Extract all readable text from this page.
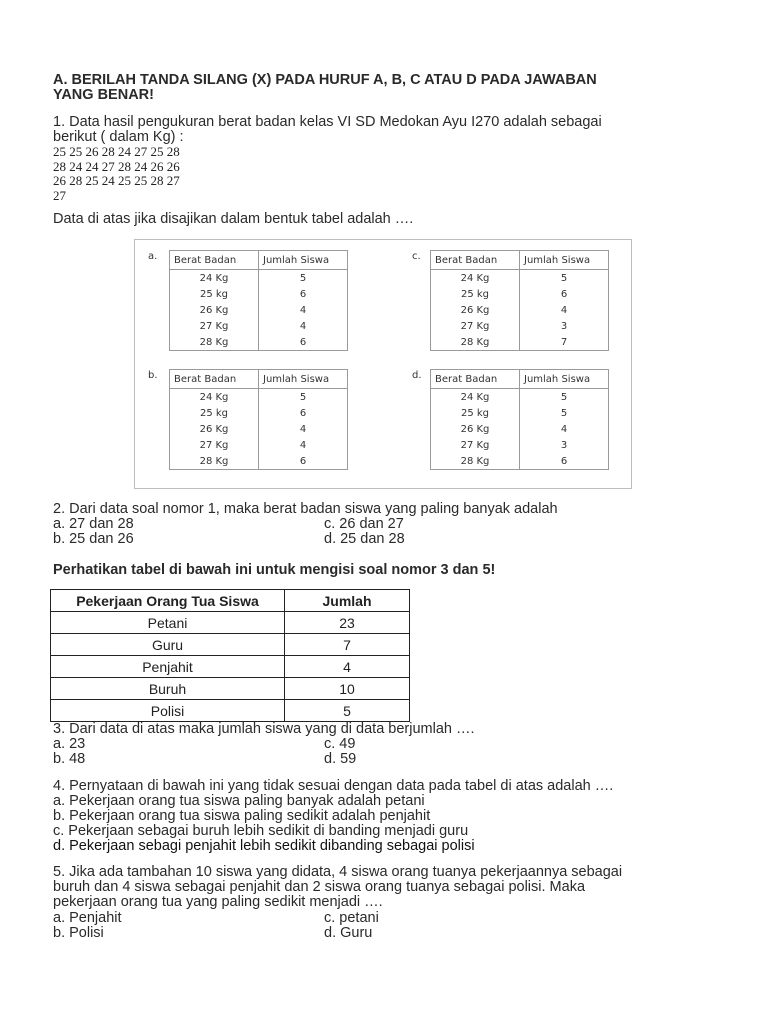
A. BERILAH TANDA SILANG (X) PADA HURUF A, B, C ATAU D PADA JAWABAN
YANG BENAR!
1. Data hasil pengukuran berat badan kelas VI SD Medokan Ayu I270 adalah sebagai
berikut ( dalam Kg) :
25 25 26 28 24 27 25 28
28 24 24 27 28 24 26 26
26 28 25 24 25 25 28 27
27
Data di atas jika disajikan dalam bentuk tabel adalah ….
a. Berat Badan	Jumlah Siswa
24 Kg	5
25 kg	6
26 Kg	4
27 Kg	4
28 Kg	6
c. Berat Badan	Jumlah Siswa
24 Kg	5
25 kg	6
26 Kg	4
27 Kg	3
28 Kg	7
b. Berat Badan	Jumlah Siswa
24 Kg	5
25 kg	6
26 Kg	4
27 Kg	4
28 Kg	6
d. Berat Badan	Jumlah Siswa
24 Kg	5
25 kg	5
26 Kg	4
27 Kg	3
28 Kg	6
2. Dari data soal nomor 1, maka berat badan siswa yang paling banyak adalah
a. 27 dan 28	c. 26 dan 27
b. 25 dan 26	d. 25 dan 28
Perhatikan tabel di bawah ini untuk mengisi soal nomor 3 dan 5!
Pekerjaan Orang Tua Siswa	Jumlah
Petani	23
Guru	7
Penjahit	4
Buruh	10
Polisi	5
3. Dari data di atas maka jumlah siswa yang di data berjumlah ….
a. 23	c. 49
b. 48	d. 59
4. Pernyataan di bawah ini yang tidak sesuai dengan data pada tabel di atas adalah ….
a. Pekerjaan orang tua siswa paling banyak adalah petani
b. Pekerjaan orang tua siswa paling sedikit adalah penjahit
c. Pekerjaan sebagai buruh lebih sedikit di banding menjadi guru
d. Pekerjaan sebagi penjahit lebih sedikit dibanding sebagai polisi
5. Jika ada tambahan 10 siswa yang didata, 4 siswa orang tuanya pekerjaannya sebagai
buruh dan 4 siswa sebagai penjahit dan 2 siswa orang tuanya sebagai polisi. Maka
pekerjaan orang tua yang paling sedikit menjadi ….
a. Penjahit	c. petani
b. Polisi	d. Guru
